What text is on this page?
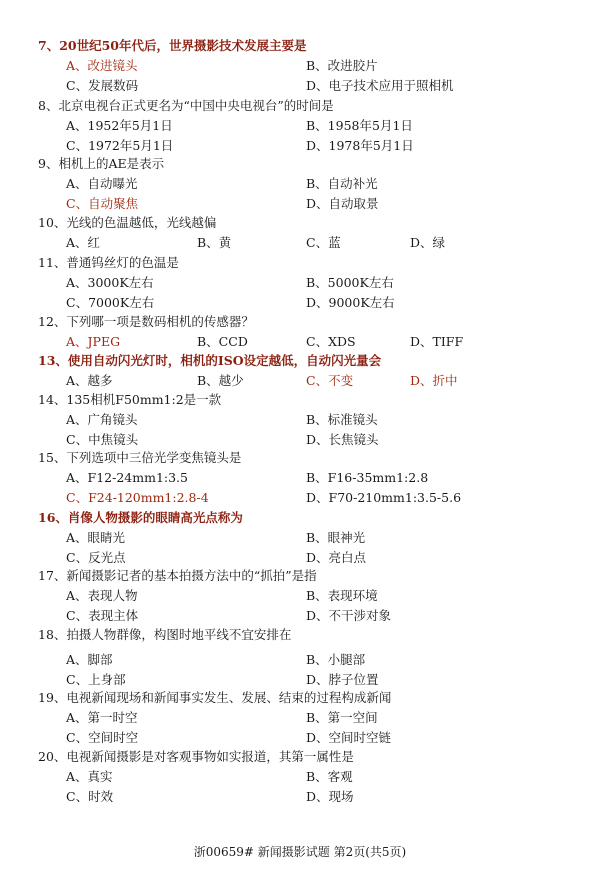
7、20世纪50年代后，世界摄影技术发展主要是
A、改进镜头	B、改进胶片
C、发展数码	D、电子技术应用于照相机
8、北京电视台正式更名为“中国中央电视台”的时间是
A、1952年5月1日	B、1958年5月1日
C、1972年5月1日	D、1978年5月1日
9、相机上的AE是表示
A、自动曝光	B、自动补光
C、自动聚焦	D、自动取景
10、光线的色温越低，光线越偏
A、红	B、黄	C、蓝	D、绿
11、普通钨丝灯的色温是
A、3000K左右	B、5000K左右
C、7000K左右	D、9000K左右
12、下列哪一项是数码相机的传感器？
A、JPEG	B、CCD	C、XDS	D、TIFF
13、使用自动闪光灯时，相机的ISO设定越低，自动闪光量会
A、越多	B、越少	C、不变	D、折中
14、135相机F50mm1:2是一款
A、广角镜头	B、标准镜头
C、中焦镜头	D、长焦镜头
15、下列选项中三倍光学变焦镜头是
A、F12-24mm1:3.5	B、F16-35mm1:2.8
C、F24-120mm1:2.8-4	D、F70-210mm1:3.5-5.6
16、肖像人物摄影的眼睛高光点称为
A、眼睛光	B、眼神光
C、反光点	D、亮白点
17、新闻摄影记者的基本拍摄方法中的“抓拍”是指
A、表现人物	B、表现环境
C、表现主体	D、不干涉对象
18、拍摄人物群像，构图时地平线不宜安排在
A、脚部	B、小腿部
C、上身部	D、脖子位置
19、电视新闻现场和新闻事实发生、发展、结束的过程构成新闻
A、第一时空	B、第一空间
C、空间时空	D、空间时空链
20、电视新闻摄影是对客观事物如实报道，其第一属性是
A、真实	B、客观
C、时效	D、现场
浙00659# 新闻摄影试题 第2页(共5页)
